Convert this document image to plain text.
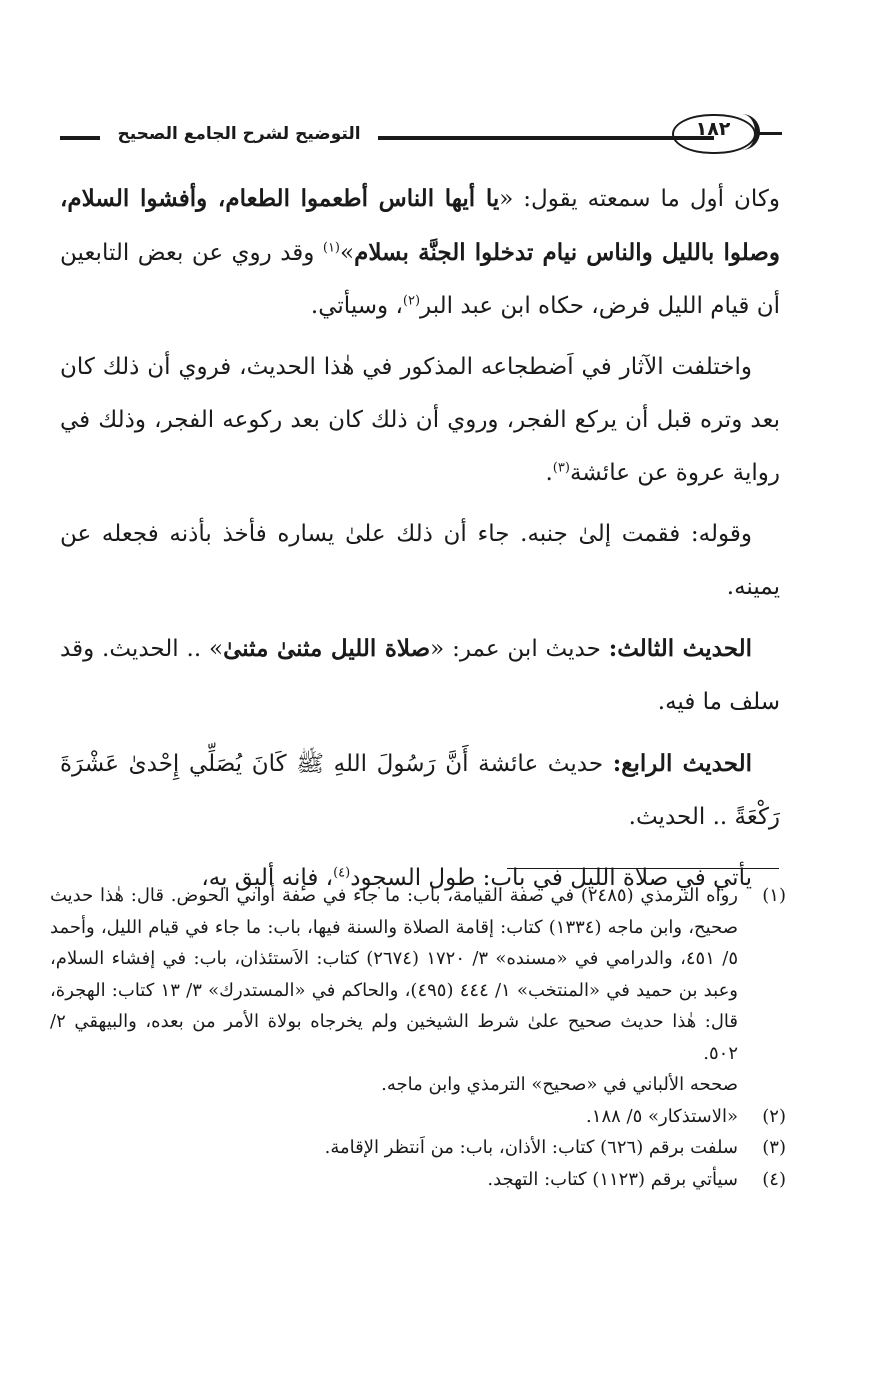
التوضيح لشرح الجامع الصحيح	١٨٢

وكان أول ما سمعته يقول: «يا أيها الناس أطعموا الطعام، وأفشوا السلام، وصلوا بالليل والناس نيام تدخلوا الجنَّة بسلام»$^{(١)}$ وقد روي عن بعض التابعين أن قيام الليل فرض، حكاه ابن عبد البر$^{(٢)}$، وسيأتي.

واختلفت الآثار في اَضطجاعه المذكور في هٰذا الحديث، فروي أن ذلك كان بعد وتره قبل أن يركع الفجر، وروي أن ذلك كان بعد ركوعه الفجر، وذلك في رواية عروة عن عائشة$^{(٣)}$.

وقوله: فقمت إلىٰ جنبه. جاء أن ذلك علىٰ يساره فأخذ بأذنه فجعله عن يمينه.

الحديث الثالث: حديث ابن عمر: «صلاة الليل مثنىٰ مثنىٰ» .. الحديث. وقد سلف ما فيه.

الحديث الرابع: حديث عائشة أَنَّ رَسُولَ اللهِ ﷺ كَانَ يُصَلِّي إِحْدىٰ عَشْرَةَ رَكْعَةً .. الحديث.

يأتي في صلاة الليل في باب: طول السجود$^{(٤)}$، فإنه أليق به،

(١)
رواه الترمذي (٢٤٨٥) في صفة القيامة، باب: ما جاء في صفة أواني الحوض. قال: هٰذا حديث صحيح، وابن ماجه (١٣٣٤) كتاب: إقامة الصلاة والسنة فيها، باب: ما جاء في قيام الليل، وأحمد ٥/ ٤٥١، والدرامي في «مسنده» ٣/ ١٧٢٠ (٢٦٧٤) كتاب: الاَستئذان، باب: في إفشاء السلام، وعبد بن حميد في «المنتخب» ١/ ٤٤٤ (٤٩٥)، والحاكم في «المستدرك» ٣/ ١٣ كتاب: الهجرة، قال: هٰذا حديث صحيح علىٰ شرط الشيخين ولم يخرجاه بولاة الأمر من بعده، والبيهقي ٢/ ٥٠٢.
صححه الألباني في «صحيح» الترمذي وابن ماجه.
(٢)
«الاستذكار» ٥/ ١٨٨.
(٣)
سلفت برقم (٦٢٦) كتاب: الأذان، باب: من اَنتظر الإقامة.
(٤)
سيأتي برقم (١١٢٣) كتاب: التهجد.
